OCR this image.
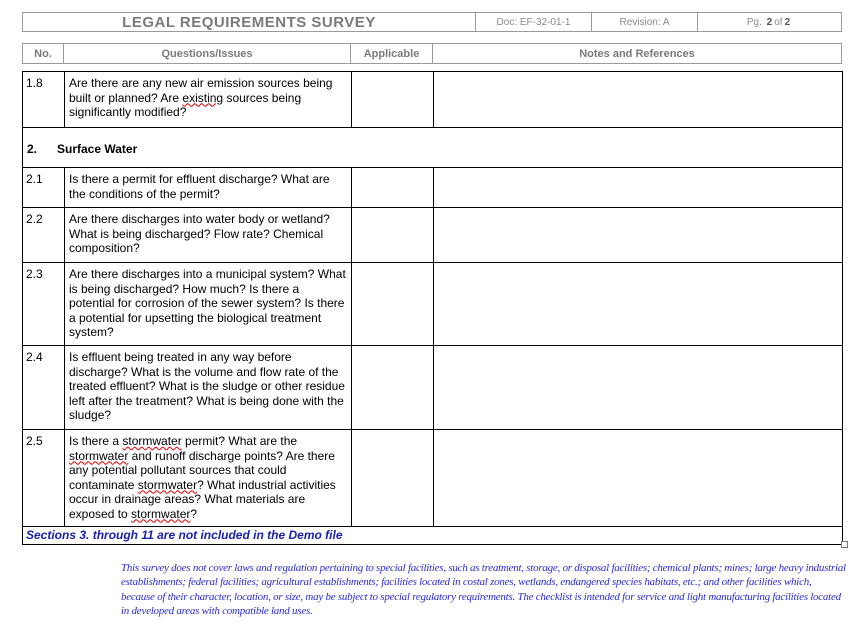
LEGAL REQUIREMENTS SURVEY	Doc: EF-32-01-1	Revision: A	Pg.
2 of 2
No.	Questions/Issues	Applicable	Notes and References
1.8	Are there are any new air emission sources being built or planned? Are existing sources being significantly modified?		
2. Surface Water			
2.1	Is there a permit for effluent discharge? What are the conditions of the permit?		
2.2	Are there discharges into water body or wetland? What is being discharged? Flow rate? Chemical composition?		
2.3	Are there discharges into a municipal system? What is being discharged? How much? Is there a potential for corrosion of the sewer system? Is there a potential for upsetting the biological treatment system?		
2.4	Is effluent being treated in any way before discharge? What is the volume and flow rate of the treated effluent? What is the sludge or other residue left after the treatment? What is being done with the sludge?		
2.5	Is there a stormwater permit? What are the stormwater and runoff discharge points? Are there any potential pollutant sources that could contaminate stormwater? What industrial activities occur in drainage areas? What materials are exposed to stormwater?		
Sections 3. through 11 are not included in the Demo file			
This survey does not cover laws and regulation pertaining to special facilities, such as treatment, storage, or disposal facilities; chemical plants; mines; large heavy industrial establishments; federal facilities; agricultural establishments; facilities located in costal zones, wetlands, endangered species habitats, etc.; and other facilities which, because of their character, location, or size, may be subject to special regulatory requirements. The checklist is intended for service and light manufacturing facilities located in developed areas with compatible land uses.
